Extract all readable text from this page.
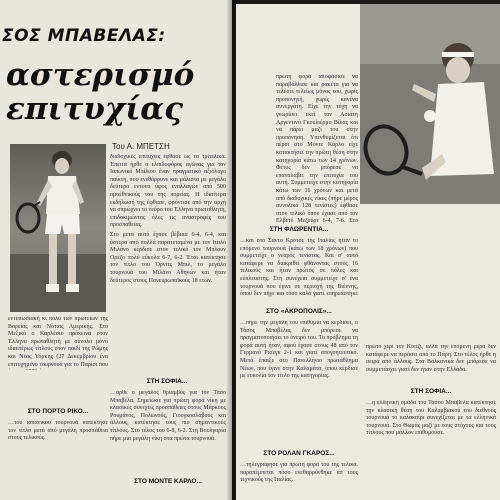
ΣΟΣ ΜΠΑΒΕΛΑΣ:
αστερισμό
επιτυχίας
Του Α. ΜΠΕΤΣΗ

διαδοχικές επιτυχίες έφθασε ως τα τρίτελικά. Έπειτα ήρθε ο ελπιδοφόρος αγώνας για τον Ιαπωνικό Μπίλιου έναν πραγματικό αξιόλογο παίκτη, που ενεθάρρυνε και μάλιστα με μεγάλο δεύτερο εντονο ύφος εναλλαγών από 500 ομοέθνικούς του της πορείας. Η ιδιαίτερα εκδήλωσή της έφθασε, φρόντισε από την αρχή να σπρώχνει το νεύρο του Έλληνα πρωταθλητή, επιδοκιμώντας όλες τις αναστροφές του προσπαθείας.

Στο μετα αυτό έχασε βέβαια 6-4, 6-4, και ύστερα από πολλά παρατεταμένα με τον Ιταλό Μιλάνο κέρδισε στον τελικό τον Μπλουν Ορέζο πολύ εύκολα 6-7, 6-2. Έτσι κατέκτησε τον τίτλο του Όρνιτς Μπιλ, το μεγάλο τουρνουά του Μιλάνο Αθηνών και ήταν δεύτερος στους Πανευρωπαϊκούς 18 ετών.

εντυπωσιακή κι πολύ των πρωτείων της Βορείας και Νότιας Αμερικής. Στο Μεξικό ο Καρλέσιο πρόκεινα στον Έλληνα πρωταθλητή με σύνολο μόνο ιδιαιτέρως τίτλους στον παιδί της Ρώμης και Νέας Υόρκης (27 Δεκεμβρίου ένα επιτυχημένο τουρνουά για το Παρίσι που

ΣΤΗ ΣΟΦΙΑ...

…άρθε ο μεγάλος θρίαμβος για τον Τάσο Μπαβέλα. Σημείωσε για πρώτη φορά νίκη με κλασικές συνεχείς προσπάθειες στους Μάρκους Ρουμάνος, Πολωνούς, Γιουγκοσλάβους και άλλους, κατέκτησε τους πιο σημαντικούς τίτλους. Στο τέλος του 6-8, 6-2. Στη Βουλγαρία πήρε μια μεγάλη νίκη στα πρώτα τουρνουά.

ΣΤΟ ΠΟΡΤΟ ΡΙΚΟ...

…του ισπανικού τουρνουά κατέκτησε τον τίτλο μετά από μεγάλη προσπάθεια στους τελικούς.

ΣΤΟ ΜΟΝΤΕ ΚΑΡΛΟ...

πρώτη φορά αποφάσισε να παραβάλλισε και ρακέτα για να τελέσει τελείως μόνος του, χωρίς προπονητή, χωρίς κανένα συνεργάτη. Είχε την τύχη να γνωρίσει εκεί τον Ασιάτη Αργεντινό Γκουλιέρμο Βίλας και να πάρει μαζί του στην προπόνηση. Υπενθυμίζεται ότι πέρσι στο Μόντε Κάρλο είχε κατακτήσει την πρώτη θέση στην κατηγορία κάτω των 14 χρόνων. Φέτος δεν μπόρεσε να επαναλάβει την επιτυχία του αυτή. Συμμετείχε στην κατηγορία κάτω των 16 χρόνων και μετά από διαδοχικές νίκες (πήρε μέρος συνολικά 128 τενίστες) έφθασε στον τελικό όπου έχασε από τον Ελβετό Μεζούρτ 6-4, 7-6. Στο

ΣΤΗ ΦΛΩΡΕΝΤΙΑ...

…και στο Σάντο Κρότσε της Ιταλίας ήταν το επόμενο τουρνουά (κάτω των 18 χρόνων) που συμμετείχε ο νεαρός τενίστας. Και σ' αυτό κατάφερε να διακριθεί φθάνοντας στους 16 τελικούς και ήταν πρώτος σε πόλες και εύπλευστης. Στη συνέχεια συμμετείχε σ' ένα τουρνουά που έγινε σε περιοχή της Βιέννης, όπου δεν πήγε και τόσο καλά γιατί επηρεάστηκε

ΣΤΟ «ΑΚΡΟΠΟΛΙΣ»...

…πήρε την μεγάλη του επιθυμία να κερδίσει, ο Τάσος Μπαβέλας δεν μπόρεσε να πραγματοποιήσει το όνειρό του. Το πρόβλημα τη φορά αυτή ήταν, αφού έχασε στους 48 από τον Γερμανό Ρισεγκ 2-1 και γιατί απογοητευτικό. Μετά έπαιξε στο Πανελλήνιο πρωτάθλημα Νέων, που έγινε στην Καλαμάτα, όπου κέρδισε με ευκολία τον τίτλο της κατηγορίας.

ΣΤΟ ΡΟΛΑΝ ΓΚΑΡΟΣ...

…τηλεγράφησε για πρώτη φορά του της τελικά. παραπέμπεται πόσο ενεθαρρύνθηκε απ τους τεχνικούς της Ιταλίας.

πρώτο χέρι τον Κινέζι, αλλά την επόμενη μέρα δεν κατάφερε να περάσει από το Πάρη. Στο τέλος ήρθε η σειρά από άλλους. Στα Βαλκανικά δεν μπόρεσε να συμμετάσχει γιατί δεν ήταν στην Ελλάδα.

ΣΤΗ ΣΟΦΙΑ...

…η ελληνική ομάδα του Τάσου Μπαβέλα κατέκτησε την κλασική θέση του Καλυμβιακού του διεθνούς τουρνουά το καλοκαίρι συνεχίζεται με τα ελληνικά τουρνουά. Στο Θωμάς μαζί με τους στόχους και τους τίτλους που μάλλον επιθυμούσε.
